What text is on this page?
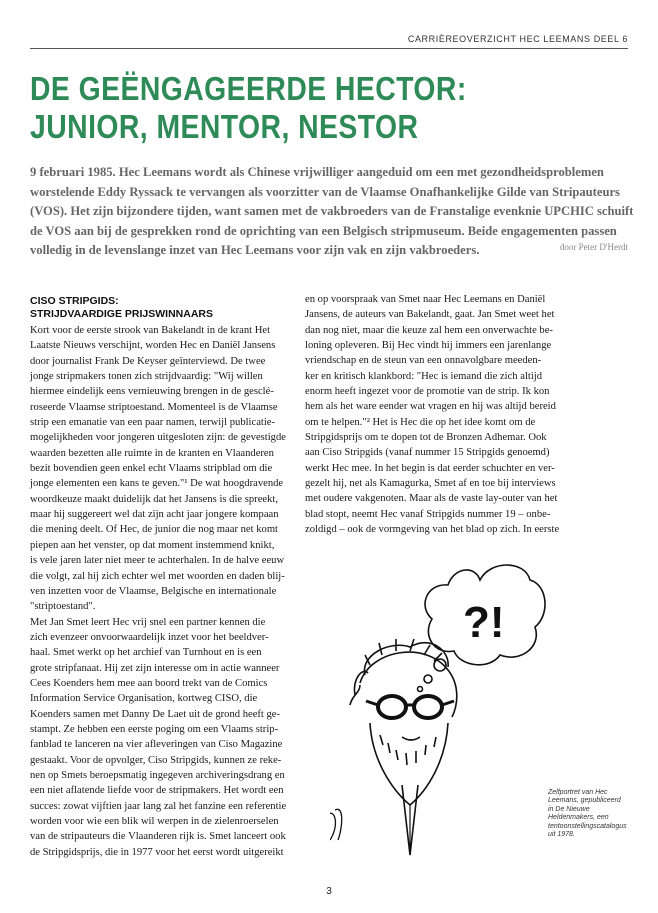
CARRIÈREOVERZICHT HEC LEEMANS DEEL 6
DE GEËNGAGEERDE HECTOR:
JUNIOR, MENTOR, NESTOR
9 februari 1985. Hec Leemans wordt als Chinese vrijwilliger aangeduid om een met gezondheidsproblemen
worstelende Eddy Ryssack te vervangen als voorzitter van de Vlaamse Onafhankelijke Gilde van Stripauteurs
(VOS). Het zijn bijzondere tijden, want samen met de vakbroeders van de Franstalige evenknie UPCHIC schuift
de VOS aan bij de gesprekken rond de oprichting van een Belgisch stripmuseum. Beide engagementen passen
volledig in de levenslange inzet van Hec Leemans voor zijn vak en zijn vakbroeders.	door Peter D'Herdt
CISO STRIPGIDS:
STRIJDVAARDIGE PRIJSWINNAARS
Kort voor de eerste strook van Bakelandt in de krant Het
Laatste Nieuws verschijnt, worden Hec en Daniël Jansens
door journalist Frank De Keyser geïnterviewd. De twee
jonge stripmakers tonen zich strijdvaardig: "Wij willen
hiermee eindelijk eens vernieuwing brengen in de gesclé-
roseerde Vlaamse striptoestand. Momenteel is de Vlaamse
strip een emanatie van een paar namen, terwijl publicatie-
mogelijkheden voor jongeren uitgesloten zijn: de gevestigde
waarden bezetten alle ruimte in de kranten en Vlaanderen
bezit bovendien geen enkel echt Vlaams stripblad om die
jonge elementen een kans te geven."¹ De wat hoogdravende
woordkeuze maakt duidelijk dat het Jansens is die spreekt,
maar hij suggereert wel dat zijn acht jaar jongere kompaan
die mening deelt. Of Hec, de junior die nog maar net komt
piepen aan het venster, op dat moment instemmend knikt,
is vele jaren later niet meer te achterhalen. In de halve eeuw
die volgt, zal hij zich echter wel met woorden en daden blij-
ven inzetten voor de Vlaamse, Belgische en internationale
"striptoestand".
Met Jan Smet leert Hec vrij snel een partner kennen die
zich evenzeer onvoorwaardelijk inzet voor het beeldver-
haal. Smet werkt op het archief van Turnhout en is een
grote stripfanaat. Hij zet zijn interesse om in actie wanneer
Cees Koenders hem mee aan boord trekt van de Comics
Information Service Organisation, kortweg CISO, die
Koenders samen met Danny De Laet uit de grond heeft ge-
stampt. Ze hebben een eerste poging om een Vlaams strip-
fanblad te lanceren na vier afleveringen van Ciso Magazine
gestaakt. Voor de opvolger, Ciso Stripgids, kunnen ze reke-
nen op Smets beroepsmatig ingegeven archiveringsdrang en
een niet aflatende liefde voor de stripmakers. Het wordt een
succes: zowat vijftien jaar lang zal het fanzine een referentie
worden voor wie een blik wil werpen in de zielenroerselen
van de stripauteurs die Vlaanderen rijk is. Smet lanceert ook
de Stripgidsprijs, die in 1977 voor het eerst wordt uitgereikt
en op voorspraak van Smet naar Hec Leemans en Daniël
Jansens, de auteurs van Bakelandt, gaat. Jan Smet weet het
dan nog niet, maar die keuze zal hem een onverwachte be-
loning opleveren. Bij Hec vindt hij immers een jarenlange
vriendschap en de steun van een onnavolgbare meeden-
ker en kritisch klankbord: "Hec is iemand die zich altijd
enorm heeft ingezet voor de promotie van de strip. Ik kon
hem als het ware eender wat vragen en hij was altijd bereid
om te helpen."² Het is Hec die op het idee komt om de
Stripgidsprijs om te dopen tot de Bronzen Adhemar. Ook
aan Ciso Stripgids (vanaf nummer 15 Stripgids genoemd)
werkt Hec mee. In het begin is dat eerder schuchter en ver-
gezelt hij, net als Kamagurka, Smet af en toe bij interviews
met oudere vakgenoten. Maar als de vaste lay-outer van het
blad stopt, neemt Hec vanaf Stripgids nummer 19 – onbe-
zoldigd – ook de vormgeving van het blad op zich. In eerste
?!
Zelfportret van Hec
Leemans, gepubliceerd
in De Nieuwe
Heldenmakers, een
tentoonstellingscatalogus
uit 1978.
3
